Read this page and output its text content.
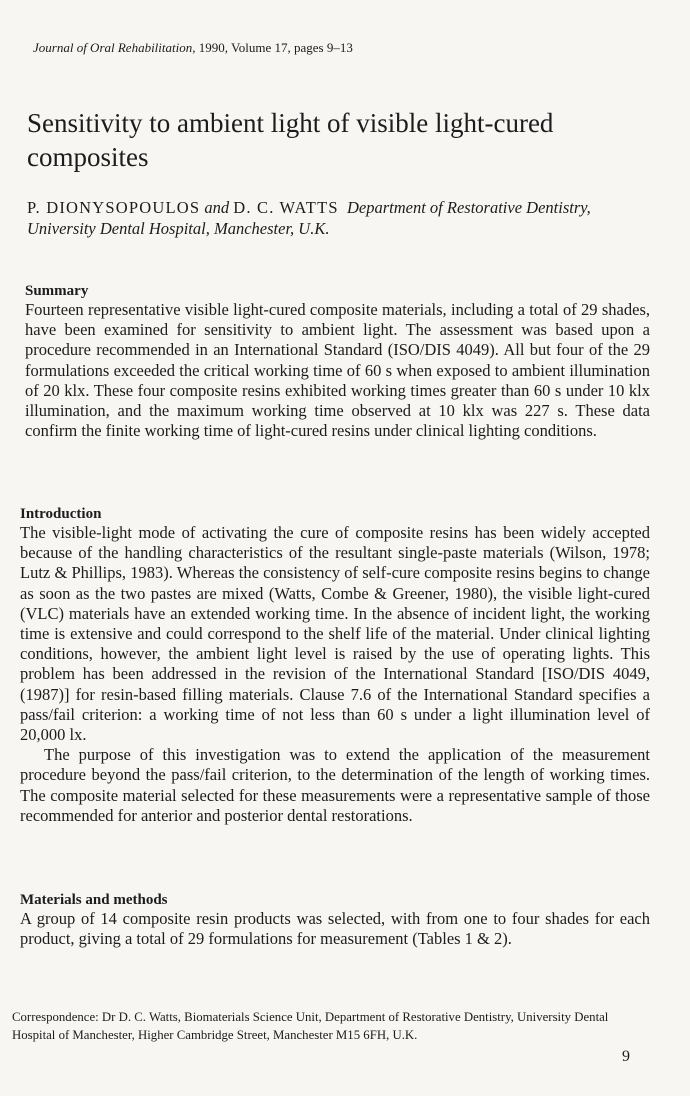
Journal of Oral Rehabilitation, 1990, Volume 17, pages 9–13
Sensitivity to ambient light of visible light-cured composites
P. DIONYSOPOULOS and D. C. WATTS Department of Restorative Dentistry, University Dental Hospital, Manchester, U.K.
Summary

Fourteen representative visible light-cured composite materials, including a total of 29 shades, have been examined for sensitivity to ambient light. The assessment was based upon a procedure recommended in an International Standard (ISO/DIS 4049). All but four of the 29 formulations exceeded the critical working time of 60 s when exposed to ambient illumination of 20 klx. These four composite resins exhibited working times greater than 60 s under 10 klx illumination, and the maximum working time observed at 10 klx was 227 s. These data confirm the finite working time of light-cured resins under clinical lighting conditions.

Introduction

The visible-light mode of activating the cure of composite resins has been widely accepted because of the handling characteristics of the resultant single-paste materials (Wilson, 1978; Lutz & Phillips, 1983). Whereas the consistency of self-cure composite resins begins to change as soon as the two pastes are mixed (Watts, Combe & Greener, 1980), the visible light-cured (VLC) materials have an extended working time. In the absence of incident light, the working time is extensive and could correspond to the shelf life of the material. Under clinical lighting conditions, however, the ambient light level is raised by the use of operating lights. This problem has been addressed in the revision of the International Standard [ISO/DIS 4049, (1987)] for resin-based filling materials. Clause 7.6 of the International Standard specifies a pass/fail criterion: a working time of not less than 60 s under a light illumination level of 20,000 lx.

The purpose of this investigation was to extend the application of the measurement procedure beyond the pass/fail criterion, to the determination of the length of working times. The composite material selected for these measurements were a representative sample of those recommended for anterior and posterior dental restorations.

Materials and methods

A group of 14 composite resin products was selected, with from one to four shades for each product, giving a total of 29 formulations for measurement (Tables 1 & 2).

Correspondence: Dr D. C. Watts, Biomaterials Science Unit, Department of Restorative Dentistry, University Dental Hospital of Manchester, Higher Cambridge Street, Manchester M15 6FH, U.K.
9
